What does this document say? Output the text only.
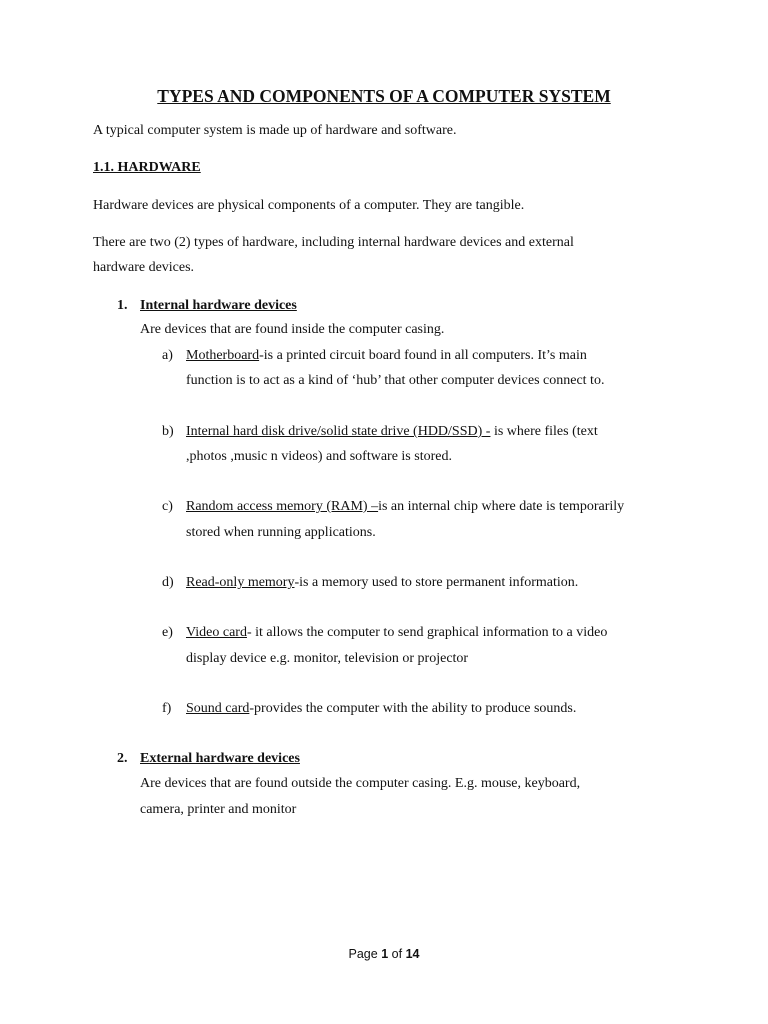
TYPES AND COMPONENTS OF A COMPUTER SYSTEM
A typical computer system is made up of hardware and software.
1.1. HARDWARE
Hardware devices are physical components of a computer. They are tangible.
There are two (2) types of hardware, including internal hardware devices and external
hardware devices.
1. Internal hardware devices
Are devices that are found inside the computer casing.
a) Motherboard-is a printed circuit board found in all computers. It’s main
function is to act as a kind of ‘hub’ that other computer devices connect to.
b) Internal hard disk drive/solid state drive (HDD/SSD) - is where files (text
,photos ,music n videos) and software is stored.
c) Random access memory (RAM) –is an internal chip where date is temporarily
stored when running applications.
d) Read-only memory-is a memory used to store permanent information.
e) Video card- it allows the computer to send graphical information to a video
display device e.g. monitor, television or projector
f) Sound card-provides the computer with the ability to produce sounds.
2. External hardware devices
Are devices that are found outside the computer casing. E.g. mouse, keyboard,
camera, printer and monitor
Page 1 of 14
